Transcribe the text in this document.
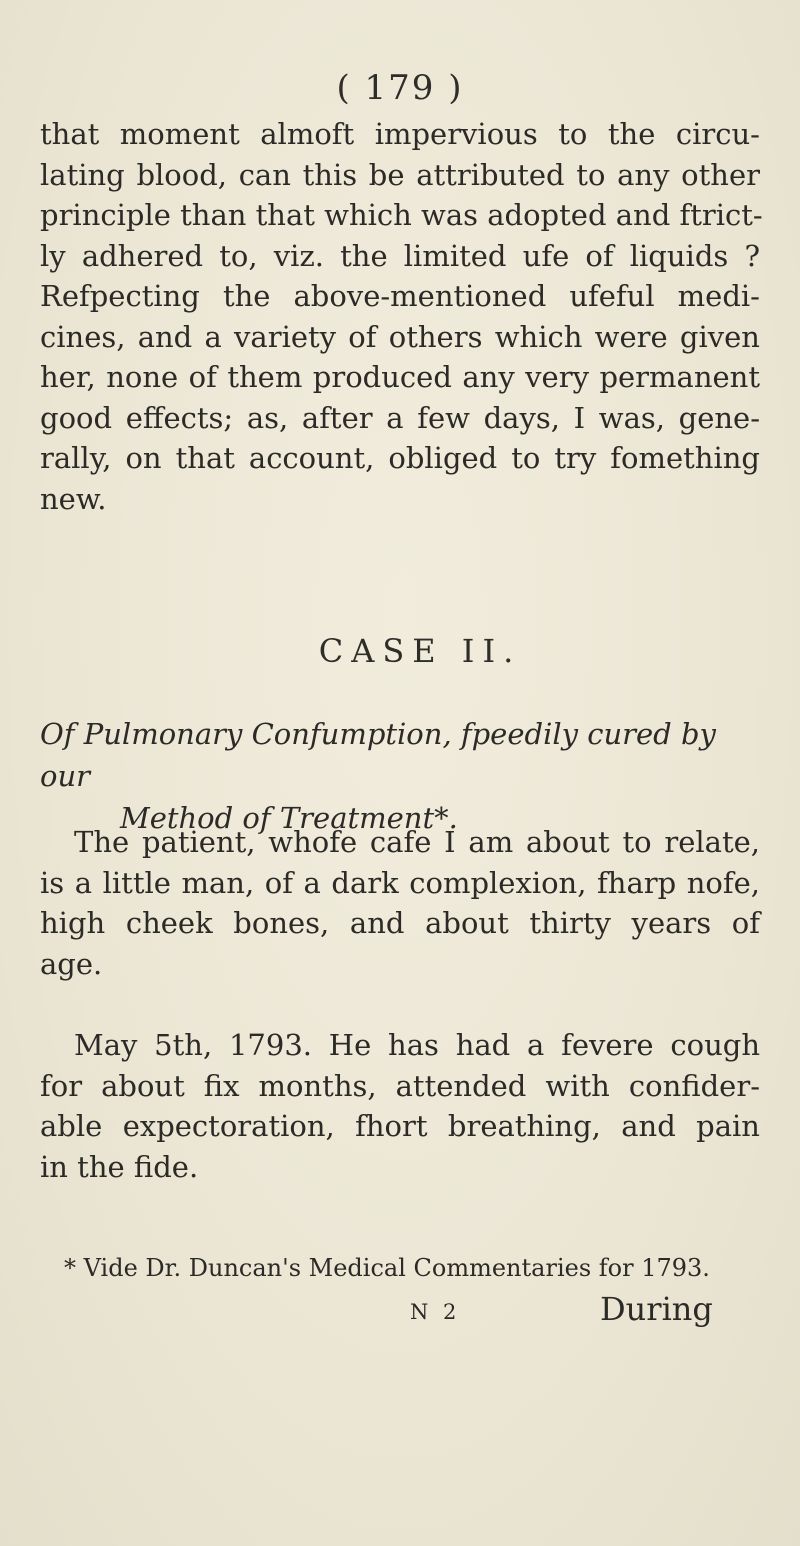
( 179 )
that moment almoft impervious to the circu-
lating blood, can this be attributed to any other
principle than that which was adopted and ftrict-
ly adhered to, viz. the limited ufe of liquids ?
Refpecting the above-mentioned ufeful medi-
cines, and a variety of others which were given
her, none of them produced any very permanent
good effects; as, after a few days, I was, gene-
rally, on that account, obliged to try fomething
new.
CASE II.
Of Pulmonary Confumption, fpeedily cured by our
Method of Treatment*.
The patient, whofe cafe I am about to relate,
is a little man, of a dark complexion, fharp nofe,
high cheek bones, and about thirty years of
age.
May 5th, 1793. He has had a fevere cough
for about fix months, attended with confider-
able expectoration, fhort breathing, and pain
in the fide.
* Vide Dr. Duncan's Medical Commentaries for 1793.
N 2	During
